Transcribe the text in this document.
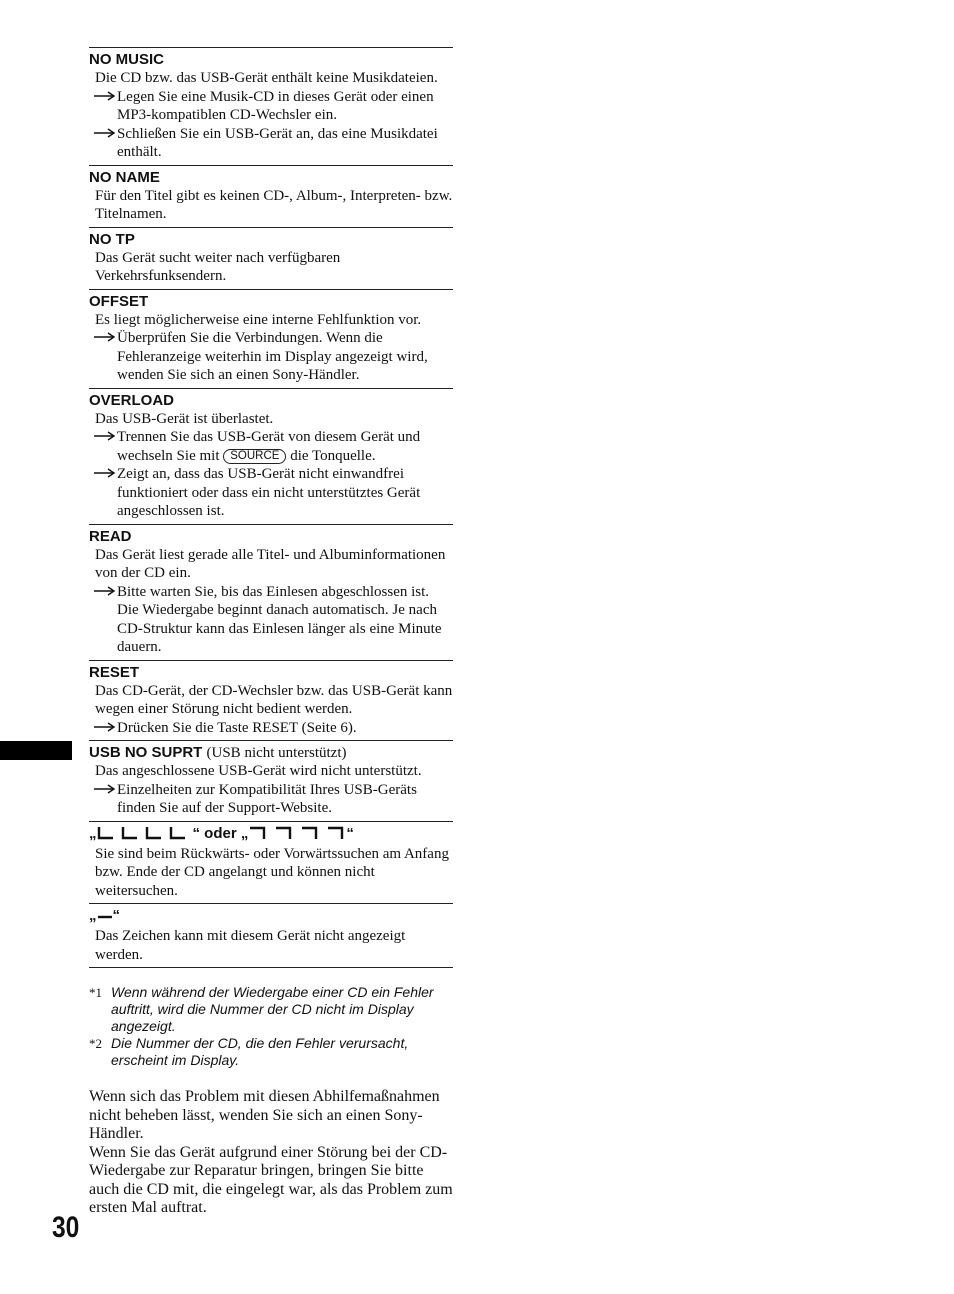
NO MUSIC
Die CD bzw. das USB-Gerät enthält keine Musikdateien.
Legen Sie eine Musik-CD in dieses Gerät oder einen MP3-kompatiblen CD-Wechsler ein.
Schließen Sie ein USB-Gerät an, das eine Musikdatei enthält.
NO NAME
Für den Titel gibt es keinen CD-, Album-, Interpreten- bzw. Titelnamen.
NO TP
Das Gerät sucht weiter nach verfügbaren Verkehrsfunksendern.
OFFSET
Es liegt möglicherweise eine interne Fehlfunktion vor.
Überprüfen Sie die Verbindungen. Wenn die Fehleranzeige weiterhin im Display angezeigt wird, wenden Sie sich an einen Sony-Händler.
OVERLOAD
Das USB-Gerät ist überlastet.
Trennen Sie das USB-Gerät von diesem Gerät und wechseln Sie mit SOURCE die Tonquelle.
Zeigt an, dass das USB-Gerät nicht einwandfrei funktioniert oder dass ein nicht unterstütztes Gerät angeschlossen ist.
READ
Das Gerät liest gerade alle Titel- und Albuminformationen von der CD ein.
Bitte warten Sie, bis das Einlesen abgeschlossen ist. Die Wiedergabe beginnt danach automatisch. Je nach CD-Struktur kann das Einlesen länger als eine Minute dauern.
RESET
Das CD-Gerät, der CD-Wechsler bzw. das USB-Gerät kann wegen einer Störung nicht bedient werden.
Drücken Sie die Taste RESET (Seite 6).
USB NO SUPRT (USB nicht unterstützt)
Das angeschlossene USB-Gerät wird nicht unterstützt.
Einzelheiten zur Kompatibilität Ihres USB-Geräts finden Sie auf der Support-Website.
„	“ oder „	“
Sie sind beim Rückwärts- oder Vorwärtssuchen am Anfang bzw. Ende der CD angelangt und können nicht weitersuchen.
„ “
Das Zeichen kann mit diesem Gerät nicht angezeigt werden.
*1 Wenn während der Wiedergabe einer CD ein Fehler auftritt, wird die Nummer der CD nicht im Display angezeigt.
*2 Die Nummer der CD, die den Fehler verursacht, erscheint im Display.
Wenn sich das Problem mit diesen Abhilfemaßnahmen nicht beheben lässt, wenden Sie sich an einen Sony-Händler.
Wenn Sie das Gerät aufgrund einer Störung bei der CD-Wiedergabe zur Reparatur bringen, bringen Sie bitte auch die CD mit, die eingelegt war, als das Problem zum ersten Mal auftrat.
30
